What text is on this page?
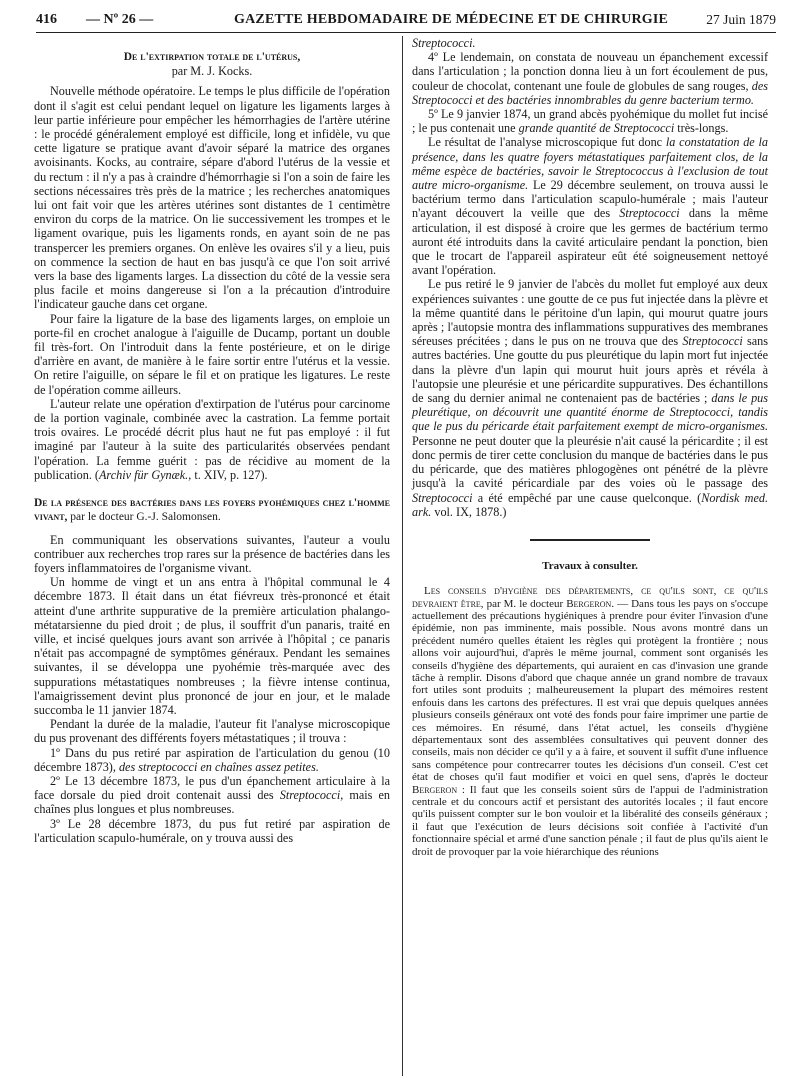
416 — Nº 26 —	GAZETTE HEBDOMADAIRE DE MÉDECINE ET DE CHIRURGIE	27 Juin 1879

De l'extirpation totale de l'utérus,

par M. J. Kocks.

Nouvelle méthode opératoire. Le temps le plus difficile de l'opération dont il s'agit est celui pendant lequel on ligature les ligaments larges à leur partie inférieure pour empêcher les hémorrhagies de l'artère utérine : le procédé généralement employé est difficile, long et infidèle, vu que cette ligature se pratique avant d'avoir séparé la matrice des organes avoisinants. Kocks, au contraire, sépare d'abord l'utérus de la vessie et du rectum : il n'y a pas à craindre d'hémorrhagie si l'on a soin de faire les sections nécessaires très près de la matrice ; les recherches anatomiques lui ont fait voir que les artères utérines sont distantes de 1 centimètre environ du corps de la matrice. On lie successivement les trompes et le ligament ovarique, puis les ligaments ronds, en ayant soin de ne pas transpercer les premiers organes. On enlève les ovaires s'il y a lieu, puis on commence la section de haut en bas jusqu'à ce que l'on soit arrivé vers la base des ligaments larges. La dissection du côté de la vessie sera plus facile et moins dangereuse si l'on a la précaution d'introduire l'indicateur gauche dans cet organe.

Pour faire la ligature de la base des ligaments larges, on emploie un porte-fil en crochet analogue à l'aiguille de Ducamp, portant un double fil très-fort. On l'introduit dans la fente postérieure, et on le dirige d'arrière en avant, de manière à le faire sortir entre l'utérus et la vessie. On retire l'aiguille, on sépare le fil et on pratique les ligatures. Le reste de l'opération comme ailleurs.

L'auteur relate une opération d'extirpation de l'utérus pour carcinome de la portion vaginale, combinée avec la castration. La femme portait trois ovaires. Le procédé décrit plus haut ne fut pas employé : il fut imaginé par l'auteur à la suite des particularités observées pendant l'opération. La femme guérit : pas de récidive au moment de la publication. (Archiv für Gynæk., t. XIV, p. 127).

De la présence des bactéries dans les foyers pyohémiques chez l'homme vivant, par le docteur G.-J. Salomonsen.

En communiquant les observations suivantes, l'auteur a voulu contribuer aux recherches trop rares sur la présence de bactéries dans les foyers inflammatoires de l'organisme vivant.

Un homme de vingt et un ans entra à l'hôpital communal le 4 décembre 1873. Il était dans un état fiévreux très-prononcé et était atteint d'une arthrite suppurative de la première articulation phalango-métatarsienne du pied droit ; de plus, il souffrit d'un panaris, traité en ville, et incisé quelques jours avant son arrivée à l'hôpital ; ce panaris n'était pas accompagné de symptômes généraux. Pendant les semaines suivantes, il se développa une pyohémie très-marquée avec des suppurations métastatiques nombreuses ; la fièvre intense continua, l'amaigrissement devint plus prononcé de jour en jour, et le malade succomba le 11 janvier 1874.

Pendant la durée de la maladie, l'auteur fit l'analyse microscopique du pus provenant des différents foyers métastatiques ; il trouva :

1º Dans du pus retiré par aspiration de l'articulation du genou (10 décembre 1873), des streptococci en chaînes assez petites.

2º Le 13 décembre 1873, le pus d'un épanchement articulaire à la face dorsale du pied droit contenait aussi des Streptococci, mais en chaînes plus longues et plus nombreuses.

3º Le 28 décembre 1873, du pus fut retiré par aspiration de l'articulation scapulo-humérale, on y trouva aussi des

Streptococci.

4º Le lendemain, on constata de nouveau un épanchement excessif dans l'articulation ; la ponction donna lieu à un fort écoulement de pus, couleur de chocolat, contenant une foule de globules de sang rouges, des Streptococci et des bactéries innombrables du genre bacterium termo.

5º Le 9 janvier 1874, un grand abcès pyohémique du mollet fut incisé ; le pus contenait une grande quantité de Streptococci très-longs.

Le résultat de l'analyse microscopique fut donc la constatation de la présence, dans les quatre foyers métastatiques parfaitement clos, de la même espèce de bactéries, savoir le Streptococcus à l'exclusion de tout autre micro-organisme. Le 29 décembre seulement, on trouva aussi le bactérium termo dans l'articulation scapulo-humérale ; mais l'auteur n'ayant découvert la veille que des Streptococci dans la même articulation, il est disposé à croire que les germes de bactérium termo auront été introduits dans la cavité articulaire pendant la ponction, bien que le trocart de l'appareil aspirateur eût été soigneusement nettoyé avant l'opération.

Le pus retiré le 9 janvier de l'abcès du mollet fut employé aux deux expériences suivantes : une goutte de ce pus fut injectée dans la plèvre et la même quantité dans le péritoine d'un lapin, qui mourut quatre jours après ; l'autopsie montra des inflammations suppuratives des membranes séreuses précitées ; dans le pus on ne trouva que des Streptococci sans autres bactéries. Une goutte du pus pleurétique du lapin mort fut injectée dans la plèvre d'un lapin qui mourut huit jours après et révéla à l'autopsie une pleurésie et une péricardite suppuratives. Des échantillons de sang du dernier animal ne contenaient pas de bactéries ; dans le pus pleurétique, on découvrit une quantité énorme de Streptococci, tandis que le pus du péricarde était parfaitement exempt de micro-organismes. Personne ne peut douter que la pleurésie n'ait causé la péricardite ; il est donc permis de tirer cette conclusion du manque de bactéries dans le pus du péricarde, que des matières phlogogènes ont pénétré de la plèvre jusqu'à la cavité péricardiale par des voies où le passage des Streptococci a été empêché par une cause quelconque. (Nordisk med. ark. vol. IX, 1878.)

Travaux à consulter.

Les conseils d'hygiène des départements, ce qu'ils sont, ce qu'ils devraient être, par M. le docteur Bergeron. — Dans tous les pays on s'occupe actuellement des précautions hygiéniques à prendre pour éviter l'invasion d'une épidémie, non pas imminente, mais possible. Nous avons montré dans un précédent numéro quelles étaient les règles qui protègent la frontière ; nous allons voir aujourd'hui, d'après le même journal, comment sont organisés les conseils d'hygiène des départements, qui auraient en cas d'invasion une grande tâche à remplir. Disons d'abord que chaque année un grand nombre de travaux fort utiles sont produits ; malheureusement la plupart des mémoires restent enfouis dans les cartons des préfectures. Il est vrai que depuis quelques années plusieurs conseils généraux ont voté des fonds pour faire imprimer une partie de ces mémoires. En résumé, dans l'état actuel, les conseils d'hygiène départementaux sont des assemblées consultatives qui peuvent donner des conseils, mais non décider ce qu'il y a à faire, et souvent il suffit d'une influence sans compétence pour contrecarrer toutes les décisions d'un conseil. C'est cet état de choses qu'il faut modifier et voici en quel sens, d'après le docteur Bergeron : Il faut que les conseils soient sûrs de l'appui de l'administration centrale et du concours actif et persistant des autorités locales ; il faut encore qu'ils puissent compter sur le bon vouloir et la libéralité des conseils généraux ; il faut que l'exécution de leurs décisions soit confiée à l'activité d'un fonctionnaire spécial et armé d'une sanction pénale ; il faut de plus qu'ils aient le droit de provoquer par la voie hiérarchique des réunions
